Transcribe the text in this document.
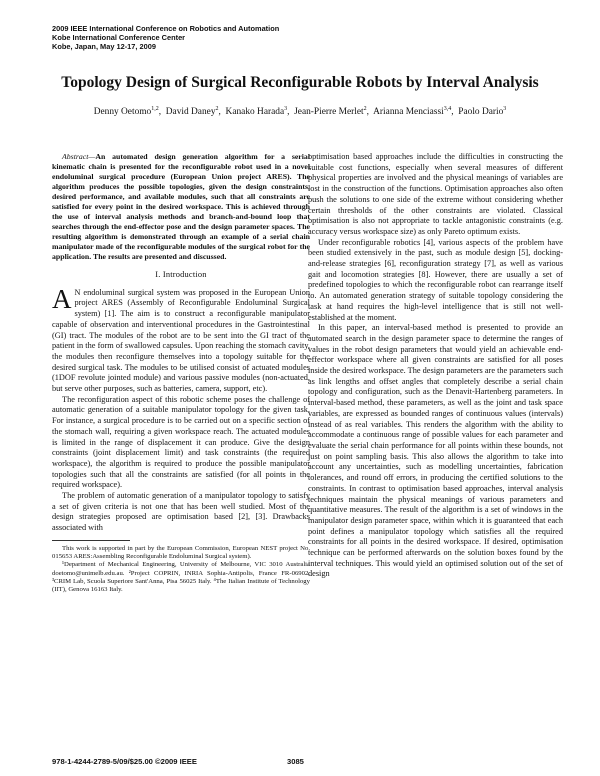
2009 IEEE International Conference on Robotics and Automation
Kobe International Conference Center
Kobe, Japan, May 12-17, 2009
Topology Design of Surgical Reconfigurable Robots by Interval Analysis
Denny Oetomo$^{1,2}$,  David Daney$^2$,  Kanako Harada$^3$,  Jean-Pierre Merlet$^2$,  Arianna Menciassi$^{3,4}$,  Paolo Dario$^3$

Abstract—An automated design generation algorithm for a serial kinematic chain is presented for the reconfigurable robot used in a novel endoluminal surgical procedure (European Union project ARES). The algorithm produces the possible topologies, given the design constraints, desired performance, and available modules, such that all constraints are satisfied for every point in the desired workspace. This is achieved through the use of interval analysis methods and branch-and-bound loop that searches through the end-effector pose and the design parameter spaces. The resulting algorithm is demonstrated through an example of a serial chain manipulator made of the reconfigurable modules of the surgical robot for the application. The results are presented and discussed.

I. Introduction

A N endoluminal surgical system was proposed in the European Union project ARES (Assembly of Reconfigurable Endoluminal Surgical system) [1]. The aim is to construct a reconfigurable manipulator capable of observation and interventional procedures in the Gastrointestinal (GI) tract. The modules of the robot are to be sent into the GI tract of the patient in the form of swallowed capsules. Upon reaching the stomach cavity, the modules then reconfigure themselves into a topology suitable for the desired surgical task. The modules to be utilised consist of actuated modules (1DOF revolute jointed module) and various passive modules (non-actuated, but serve other purposes, such as batteries, camera, support, etc).

The reconfiguration aspect of this robotic scheme poses the challenge of automatic generation of a suitable manipulator topology for the given task. For instance, a surgical procedure is to be carried out on a specific section of the stomach wall, requiring a given workspace reach. The actuated modules is limited in the range of displacement it can produce. Give the design constraints (joint displacement limit) and task constraints (the required workspace), the algorithm is required to produce the possible manipulator topologies such that all the constraints are satisfied (for all points in the required workspace).

The problem of automatic generation of a manipulator topology to satisfy a set of given criteria is not one that has been well studied. Most of the design strategies proposed are optimisation based [2], [3]. Drawbacks associated with

This work is supported in part by the European Commission, European NEST project No. 015653 ARES:Assembling Reconfigurable Endoluminal Surgical system).

¹Department of Mechanical Engineering, University of Melbourne, VIC 3010 Australia doetomo@unimelb.edu.au. ²Project COPRIN, INRIA Sophia-Antipolis, France FR-06902. ³CRIM Lab, Scuola Superiore Sant'Anna, Pisa 56025 Italy. ⁴The Italian Institute of Technology (IIT), Genova 16163 Italy.

optimisation based approaches include the difficulties in constructing the suitable cost functions, especially when several measures of different physical properties are involved and the physical meanings of variables are lost in the construction of the functions. Optimisation approaches also often push the solutions to one side of the extreme without considering whether certain thresholds of the other constraints are violated. Classical optimisation is also not appropriate to tackle antagonistic constraints (e.g. accuracy versus workspace size) as only Pareto optimum exists.

Under reconfigurable robotics [4], various aspects of the problem have been studied extensively in the past, such as module design [5], docking-and-release strategies [6], reconfiguration strategy [7], as well as various gait and locomotion strategies [8]. However, there are usually a set of predefined topologies to which the reconfigurable robot can rearrange itself to. An automated generation strategy of suitable topology considering the task at hand requires the high-level intelligence that is still not well-established at the moment.

In this paper, an interval-based method is presented to provide an automated search in the design parameter space to determine the ranges of values in the robot design parameters that would yield an achievable end-effector workspace where all given constraints are satisfied for all poses inside the desired workspace. The design parameters are the parameters such as link lengths and offset angles that completely describe a serial chain topology and configuration, such as the Denavit-Hartenberg parameters. In interval-based method, these parameters, as well as the joint and task space variables, are expressed as bounded ranges of continuous values (intervals) instead of as real variables. This renders the algorithm with the ability to accommodate a continuous range of possible values for each parameter and evaluate the serial chain performance for all points within these bounds, not just on point sampling basis. This also allows the algorithm to take into account any uncertainties, such as modelling uncertainties, fabrication tolerances, and round off errors, in producing the certified solutions to the constraints. In contrast to optimisation based approaches, interval analysis techniques maintain the physical meanings of various parameters and quantitative measures. The result of the algorithm is a set of windows in the manipulator design parameter space, within which it is guaranteed that each point defines a manipulator topology which satisfies all the required constraints for all points in the desired workspace. If desired, optimisation technique can be performed afterwards on the solution boxes found by the interval techniques. This would yield an optimised solution out of the set of design

978-1-4244-2789-5/09/$25.00 ©2009 IEEE	3085
